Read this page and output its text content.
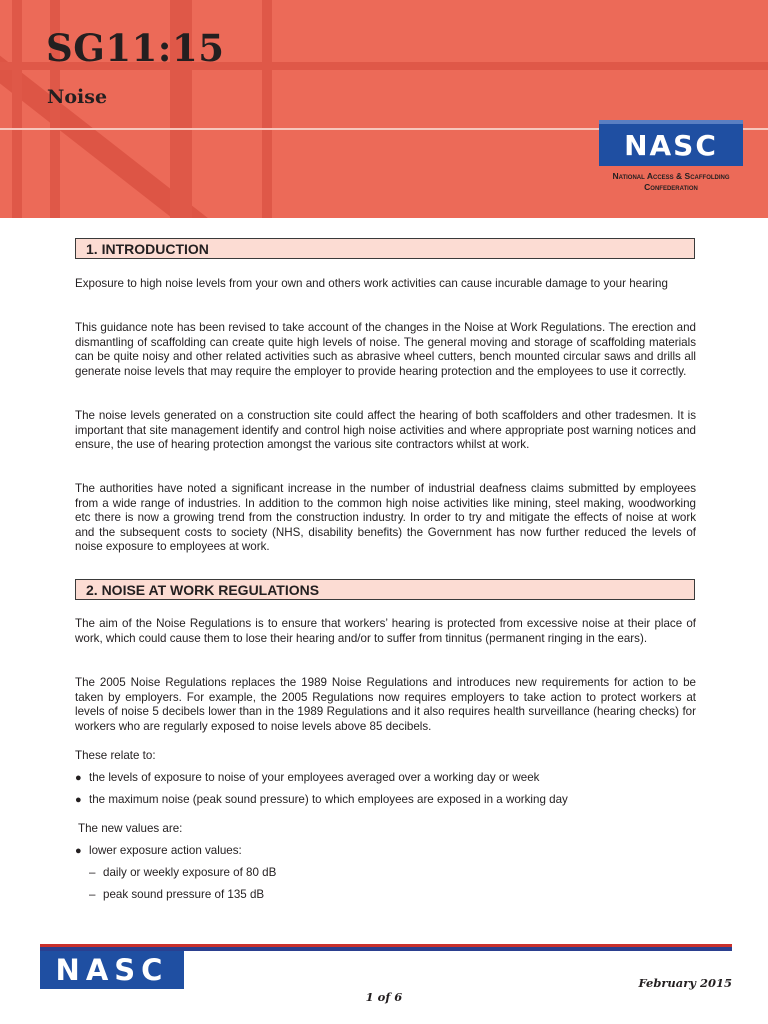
SG11:15
Noise
NASC
National Access & Scaffolding
Confederation
1. INTRODUCTION

Exposure to high noise levels from your own and others work activities can cause incurable damage to your hearing

This guidance note has been revised to take account of the changes in the Noise at Work Regulations. The erection and dismantling of scaffolding can create quite high levels of noise. The general moving and storage of scaffolding materials can be quite noisy and other related activities such as abrasive wheel cutters, bench mounted circular saws and drills all generate noise levels that may require the employer to provide hearing protection and the employees to use it correctly.

The noise levels generated on a construction site could affect the hearing of both scaffolders and other tradesmen. It is important that site management identify and control high noise activities and where appropriate post warning notices and ensure, the use of hearing protection amongst the various site contractors whilst at work.

The authorities have noted a significant increase in the number of industrial deafness claims submitted by employees from a wide range of industries. In addition to the common high noise activities like mining, steel making, woodworking etc there is now a growing trend from the construction industry. In order to try and mitigate the effects of noise at work and the subsequent costs to society (NHS, disability benefits) the Government has now further reduced the levels of noise exposure to employees at work.

2. NOISE AT WORK REGULATIONS

The aim of the Noise Regulations is to ensure that workers’ hearing is protected from excessive noise at their place of work, which could cause them to lose their hearing and/or to suffer from tinnitus (permanent ringing in the ears).

The 2005 Noise Regulations replaces the 1989 Noise Regulations and introduces new requirements for action to be taken by employers. For example, the 2005 Regulations now requires employers to take action to protect workers at levels of noise 5 decibels lower than in the 1989 Regulations and it also requires health surveillance (hearing checks) for workers who are regularly exposed to noise levels above 85 decibels.

These relate to:

● the levels of exposure to noise of your employees averaged over a working day or week

● the maximum noise (peak sound pressure) to which employees are exposed in a working day

The new values are:

● lower exposure action values:

– daily or weekly exposure of 80 dB

– peak sound pressure of 135 dB

NASC	February 2015
1 of 6
